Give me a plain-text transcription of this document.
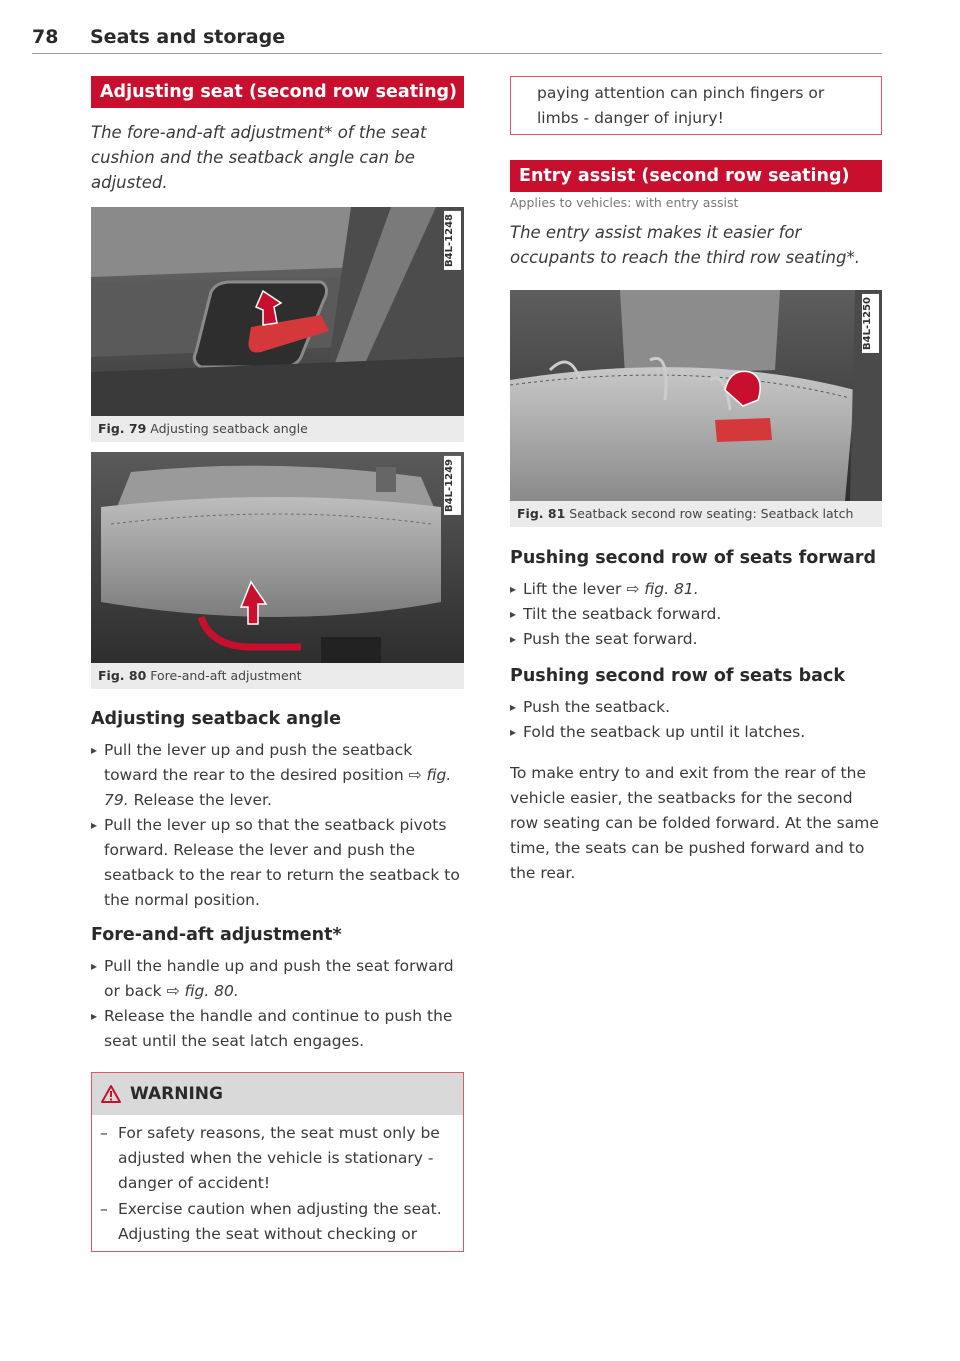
78 Seats and storage
Adjusting seat (second row seating)
The fore-and-aft adjustment* of the seat cushion and the seatback angle can be adjusted.
B4L-1248
Fig. 79 Adjusting seatback angle
B4L-1249
Fig. 80 Fore-and-aft adjustment
Adjusting seatback angle
▸ Pull the lever up and push the seatback toward the rear to the desired position ⇨ fig. 79. Release the lever.
▸ Pull the lever up so that the seatback pivots forward. Release the lever and push the seatback to the rear to return the seatback to the normal position.
Fore-and-aft adjustment*
▸ Pull the handle up and push the seat forward or back ⇨ fig. 80.
▸ Release the handle and continue to push the seat until the seat latch engages.
WARNING
– For safety reasons, the seat must only be adjusted when the vehicle is stationary - danger of accident!
– Exercise caution when adjusting the seat. Adjusting the seat without checking or
paying attention can pinch fingers or limbs - danger of injury!
Entry assist (second row seating)
Applies to vehicles: with entry assist
The entry assist makes it easier for occupants to reach the third row seating*.
B4L-1250
Fig. 81 Seatback second row seating: Seatback latch
Pushing second row of seats forward
▸ Lift the lever ⇨ fig. 81.
▸ Tilt the seatback forward.
▸ Push the seat forward.
Pushing second row of seats back
▸ Push the seatback.
▸ Fold the seatback up until it latches.
To make entry to and exit from the rear of the vehicle easier, the seatbacks for the second row seating can be folded forward. At the same time, the seats can be pushed forward and to the rear.
